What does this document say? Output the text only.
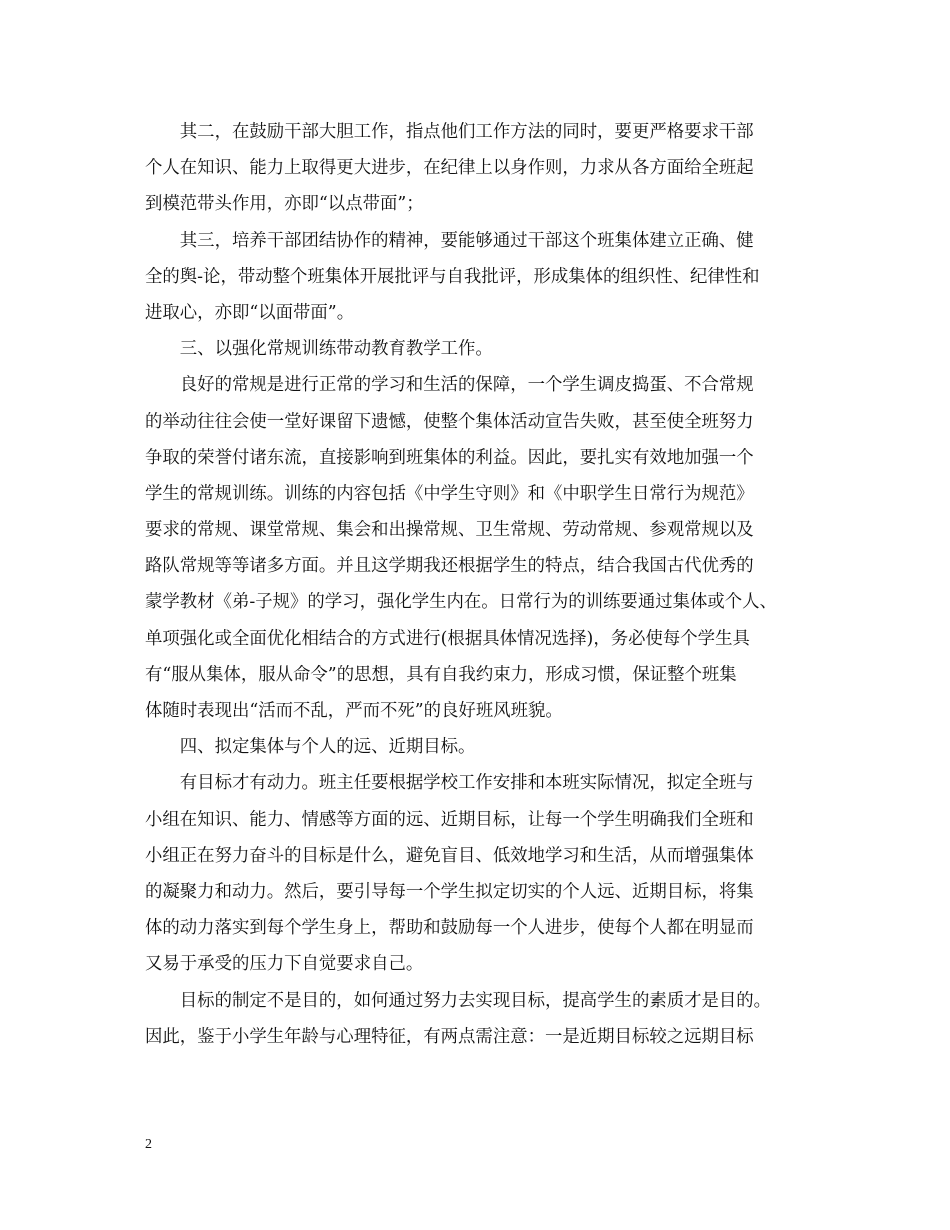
　　其二，在鼓励干部大胆工作，指点他们工作方法的同时，要更严格要求干部
个人在知识、能力上取得更大进步，在纪律上以身作则，力求从各方面给全班起
到模范带头作用，亦即“以点带面”；
　　其三，培养干部团结协作的精神，要能够通过干部这个班集体建立正确、健
全的舆-论，带动整个班集体开展批评与自我批评，形成集体的组织性、纪律性和
进取心，亦即“以面带面”。
　　三、以强化常规训练带动教育教学工作。
　　良好的常规是进行正常的学习和生活的保障，一个学生调皮捣蛋、不合常规
的举动往往会使一堂好课留下遗憾，使整个集体活动宣告失败，甚至使全班努力
争取的荣誉付诸东流，直接影响到班集体的利益。因此，要扎实有效地加强一个
学生的常规训练。训练的内容包括《中学生守则》和《中职学生日常行为规范》
要求的常规、课堂常规、集会和出操常规、卫生常规、劳动常规、参观常规以及
路队常规等等诸多方面。并且这学期我还根据学生的特点，结合我国古代优秀的
蒙学教材《弟-子规》的学习，强化学生内在。日常行为的训练要通过集体或个人、
单项强化或全面优化相结合的方式进行(根据具体情况选择)，务必使每个学生具
有“服从集体，服从命令”的思想，具有自我约束力，形成习惯，保证整个班集
体随时表现出“活而不乱，严而不死”的良好班风班貌。
　　四、拟定集体与个人的远、近期目标。
　　有目标才有动力。班主任要根据学校工作安排和本班实际情况，拟定全班与
小组在知识、能力、情感等方面的远、近期目标，让每一个学生明确我们全班和
小组正在努力奋斗的目标是什么，避免盲目、低效地学习和生活，从而增强集体
的凝聚力和动力。然后，要引导每一个学生拟定切实的个人远、近期目标，将集
体的动力落实到每个学生身上，帮助和鼓励每一个人进步，使每个人都在明显而
又易于承受的压力下自觉要求自己。
　　目标的制定不是目的，如何通过努力去实现目标，提高学生的素质才是目的。
因此，鉴于小学生年龄与心理特征，有两点需注意：一是近期目标较之远期目标
2
